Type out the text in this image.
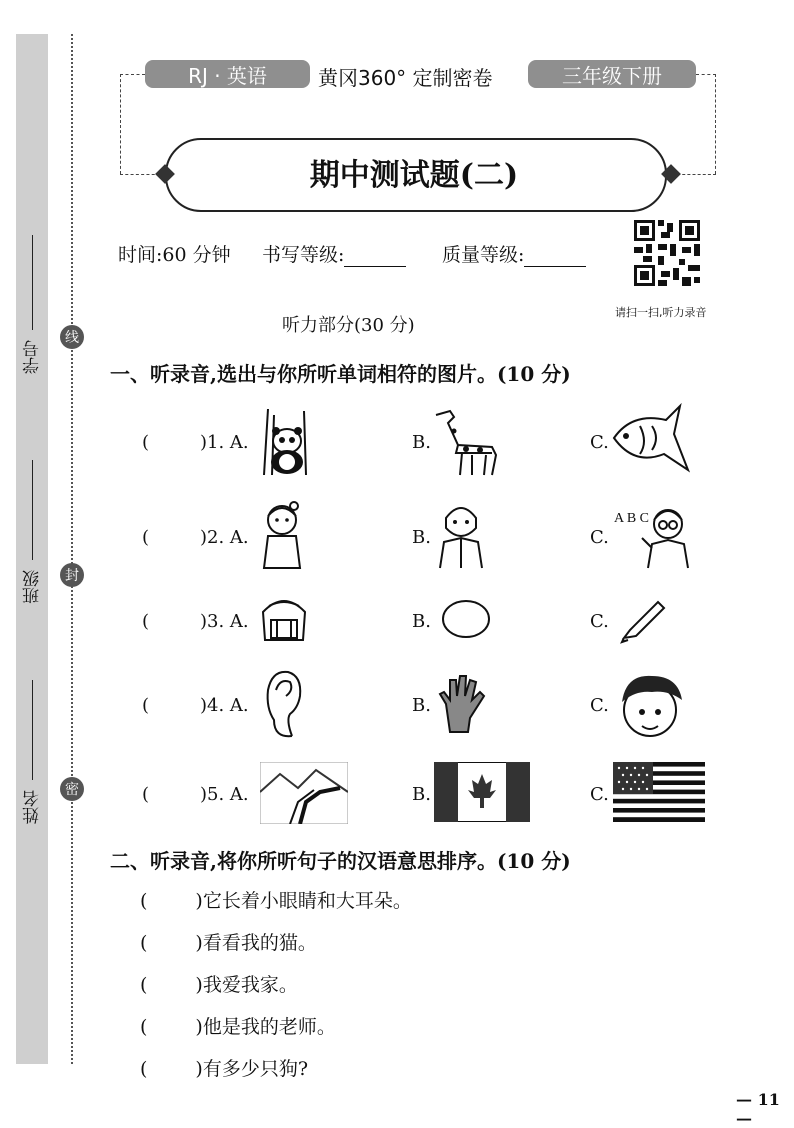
学号
班级
姓名
线
封
密
RJ · 英语	黄冈360° 定制密卷	三年级下册
期中测试题(二)
时间:60 分钟 书写等级:	质量等级:
请扫一扫,听力录音
听力部分(30 分)
一、听录音,选出与你所听单词相符的图片。(10 分)
(	)1. A.	B.	C.
(	)2. A.	B.	C.
A B C
(	)3. A.	B.	C.
(	)4. A.	B.	C.
(	)5. A.	B.	C.
二、听录音,将你所听句子的汉语意思排序。(10 分)
(	)它长着小眼睛和大耳朵。
(	)看看我的猫。
(	)我爱我家。
(	)他是我的老师。
(	)有多少只狗?
— 11 —
